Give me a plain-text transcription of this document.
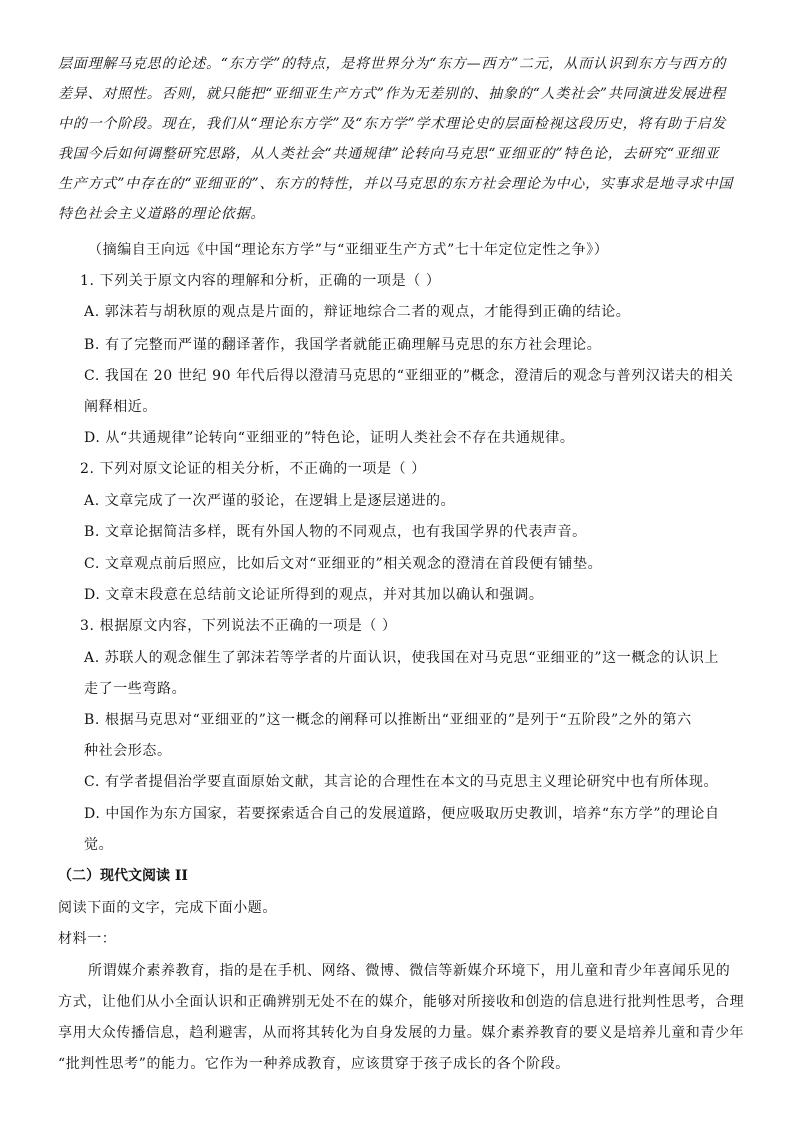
层面理解马克思的论述。“东方学”的特点，是将世界分为“东方—西方”二元，从而认识到东方与西方的
差异、对照性。否则，就只能把“亚细亚生产方式”作为无差别的、抽象的“人类社会”共同演进发展进程
中的一个阶段。现在，我们从“理论东方学”及“东方学”学术理论史的层面检视这段历史，将有助于启发
我国今后如何调整研究思路，从人类社会“共通规律”论转向马克思“亚细亚的”特色论，去研究“亚细亚
生产方式”中存在的“亚细亚的”、东方的特性，并以马克思的东方社会理论为中心，实事求是地寻求中国
特色社会主义道路的理论依据。
（摘编自王向远《中国“理论东方学”与“亚细亚生产方式”七十年定位定性之争》）
1. 下列关于原文内容的理解和分析，正确的一项是（ ）
A. 郭沫若与胡秋原的观点是片面的，辩证地综合二者的观点，才能得到正确的结论。
B. 有了完整而严谨的翻译著作，我国学者就能正确理解马克思的东方社会理论。
C. 我国在 20 世纪 90 年代后得以澄清马克思的“亚细亚的”概念，澄清后的观念与普列汉诺夫的相关
阐释相近。
D. 从“共通规律”论转向“亚细亚的”特色论，证明人类社会不存在共通规律。
2. 下列对原文论证的相关分析，不正确的一项是（ ）
A. 文章完成了一次严谨的驳论，在逻辑上是逐层递进的。
B. 文章论据简洁多样，既有外国人物的不同观点，也有我国学界的代表声音。
C. 文章观点前后照应，比如后文对“亚细亚的”相关观念的澄清在首段便有铺垫。
D. 文章末段意在总结前文论证所得到的观点，并对其加以确认和强调。
3. 根据原文内容，下列说法不正确的一项是（ ）
A. 苏联人的观念催生了郭沫若等学者的片面认识，使我国在对马克思“亚细亚的”这一概念的认识上
走了一些弯路。
B. 根据马克思对“亚细亚的”这一概念的阐释可以推断出“亚细亚的”是列于“五阶段”之外的第六
种社会形态。
C. 有学者提倡治学要直面原始文献，其言论的合理性在本文的马克思主义理论研究中也有所体现。
D. 中国作为东方国家，若要探索适合自己的发展道路，便应吸取历史教训，培养“东方学”的理论自
觉。
（二）现代文阅读 II
阅读下面的文字，完成下面小题。
材料一：
所谓媒介素养教育，指的是在手机、网络、微博、微信等新媒介环境下，用儿童和青少年喜闻乐见的
方式，让他们从小全面认识和正确辨别无处不在的媒介，能够对所接收和创造的信息进行批判性思考，合理
享用大众传播信息，趋利避害，从而将其转化为自身发展的力量。媒介素养教育的要义是培养儿童和青少年
“批判性思考”的能力。它作为一种养成教育，应该贯穿于孩子成长的各个阶段。
